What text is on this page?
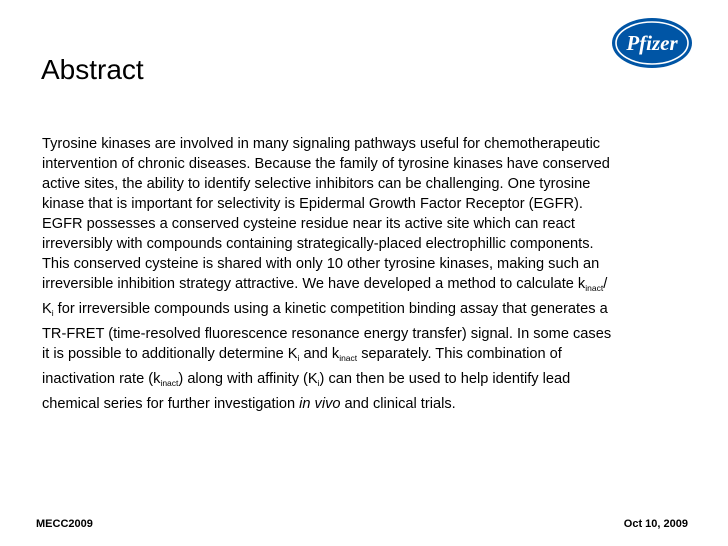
Abstract
Pfizer
Tyrosine kinases are involved in many signaling pathways useful for chemotherapeutic
intervention of chronic diseases. Because the family of tyrosine kinases have conserved
active sites, the ability to identify selective inhibitors can be challenging. One tyrosine
kinase that is important for selectivity is Epidermal Growth Factor Receptor (EGFR).
EGFR possesses a conserved cysteine residue near its active site which can react
irreversibly with compounds containing strategically-placed electrophillic components.
This conserved cysteine is shared with only 10 other tyrosine kinases, making such an
irreversible inhibition strategy attractive. We have developed a method to calculate $k_{inact}/$
$K_i$ for irreversible compounds using a kinetic competition binding assay that generates a
TR-FRET (time-resolved fluorescence resonance energy transfer) signal. In some cases
it is possible to additionally determine $K_i$ and $k_{inact}$ separately. This combination of
inactivation rate $(k_{inact})$ along with affinity $(K_i)$ can then be used to help identify lead
chemical series for further investigation in vivo and clinical trials.
MECC2009	Oct 10, 2009
